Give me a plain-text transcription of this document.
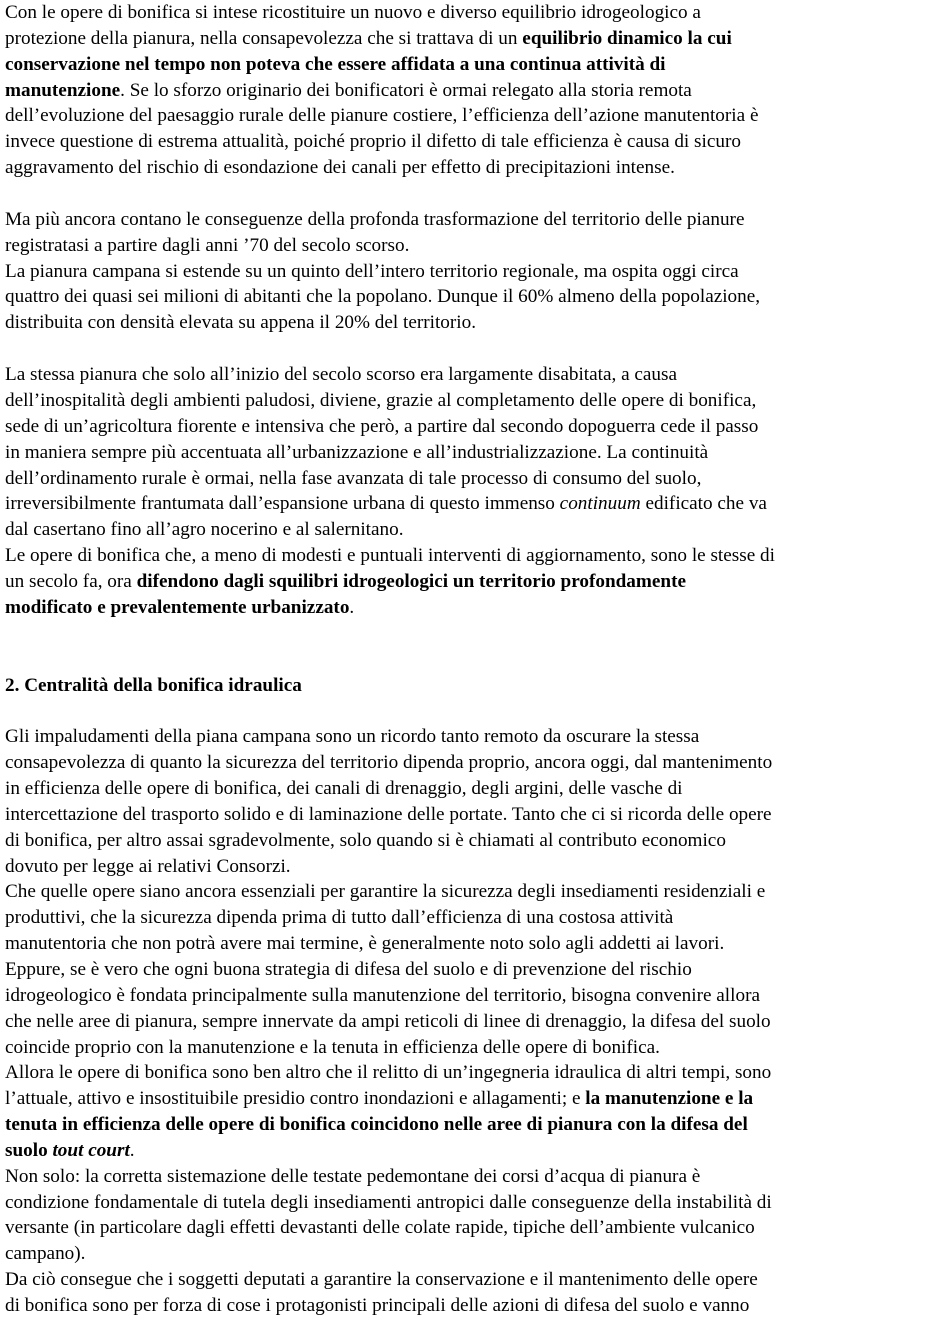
Con le opere di bonifica si intese ricostituire un nuovo e diverso equilibrio idrogeologico a

protezione della pianura, nella consapevolezza che si trattava di un equilibrio dinamico la cui

conservazione nel tempo non poteva che essere affidata a una continua attività di

manutenzione. Se lo sforzo originario dei bonificatori è ormai relegato alla storia remota

dell’evoluzione del paesaggio rurale delle pianure costiere, l’efficienza dell’azione manutentoria è

invece questione di estrema attualità, poiché proprio il difetto di tale efficienza è causa di sicuro

aggravamento del rischio di esondazione dei canali per effetto di precipitazioni intense.

Ma più ancora contano le conseguenze della profonda trasformazione del territorio delle pianure

registratasi a partire dagli anni ’70 del secolo scorso.

La pianura campana si estende su un quinto dell’intero territorio regionale, ma ospita oggi circa

quattro dei quasi sei milioni di abitanti che la popolano. Dunque il 60% almeno della popolazione,

distribuita con densità elevata su appena il 20% del territorio.

La stessa pianura che solo all’inizio del secolo scorso era largamente disabitata, a causa

dell’inospitalità degli ambienti paludosi, diviene, grazie al completamento delle opere di bonifica,

sede di un’agricoltura fiorente e intensiva che però, a partire dal secondo dopoguerra cede il passo

in maniera sempre più accentuata all’urbanizzazione e all’industrializzazione. La continuità

dell’ordinamento rurale è ormai, nella fase avanzata di tale processo di consumo del suolo,

irreversibilmente frantumata dall’espansione urbana di questo immenso continuum edificato che va

dal casertano fino all’agro nocerino e al salernitano.

Le opere di bonifica che, a meno di modesti e puntuali interventi di aggiornamento, sono le stesse di

un secolo fa, ora difendono dagli squilibri idrogeologici un territorio profondamente

modificato e prevalentemente urbanizzato.

2. Centralità della bonifica idraulica

Gli impaludamenti della piana campana sono un ricordo tanto remoto da oscurare la stessa

consapevolezza di quanto la sicurezza del territorio dipenda proprio, ancora oggi, dal mantenimento

in efficienza delle opere di bonifica, dei canali di drenaggio, degli argini, delle vasche di

intercettazione del trasporto solido e di laminazione delle portate. Tanto che ci si ricorda delle opere

di bonifica, per altro assai sgradevolmente, solo quando si è chiamati al contributo economico

dovuto per legge ai relativi Consorzi.

Che quelle opere siano ancora essenziali per garantire la sicurezza degli insediamenti residenziali e

produttivi, che la sicurezza dipenda prima di tutto dall’efficienza di una costosa attività

manutentoria che non potrà avere mai termine, è generalmente noto solo agli addetti ai lavori.

Eppure, se è vero che ogni buona strategia di difesa del suolo e di prevenzione del rischio

idrogeologico è fondata principalmente sulla manutenzione del territorio, bisogna convenire allora

che nelle aree di pianura, sempre innervate da ampi reticoli di linee di drenaggio, la difesa del suolo

coincide proprio con la manutenzione e la tenuta in efficienza delle opere di bonifica.

Allora le opere di bonifica sono ben altro che il relitto di un’ingegneria idraulica di altri tempi, sono

l’attuale, attivo e insostituibile presidio contro inondazioni e allagamenti; e la manutenzione e la

tenuta in efficienza delle opere di bonifica coincidono nelle aree di pianura con la difesa del

suolo tout court.

Non solo: la corretta sistemazione delle testate pedemontane dei corsi d’acqua di pianura è

condizione fondamentale di tutela degli insediamenti antropici dalle conseguenze della instabilità di

versante (in particolare dagli effetti devastanti delle colate rapide, tipiche dell’ambiente vulcanico

campano).

Da ciò consegue che i soggetti deputati a garantire la conservazione e il mantenimento delle opere

di bonifica sono per forza di cose i protagonisti principali delle azioni di difesa del suolo e vanno
